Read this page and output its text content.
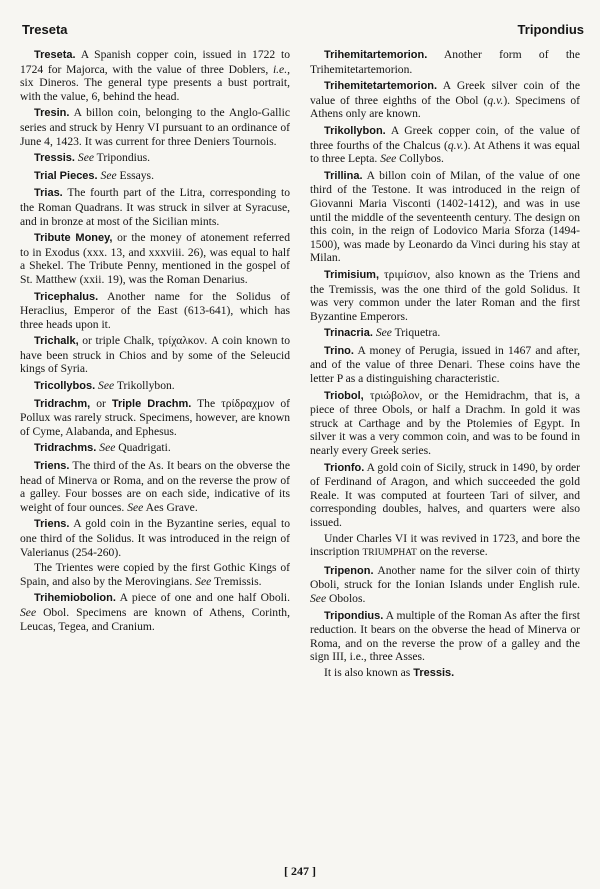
Treseta	Tripondius

Treseta. A Spanish copper coin, issued in 1722 to 1724 for Majorca, with the value of three Doblers, i.e., six Dineros. The general type presents a bust portrait, with the value, 6, behind the head.

Tresin. A billon coin, belonging to the Anglo-Gallic series and struck by Henry VI pursuant to an ordinance of June 4, 1423. It was current for three Deniers Tournois.

Tressis. See Tripondius.

Trial Pieces. See Essays.

Trias. The fourth part of the Litra, corresponding to the Roman Quadrans. It was struck in silver at Syracuse, and in bronze at most of the Sicilian mints.

Tribute Money, or the money of atonement referred to in Exodus (xxx. 13, and xxxviii. 26), was equal to half a Shekel. The Tribute Penny, mentioned in the gospel of St. Matthew (xxii. 19), was the Roman Denarius.

Tricephalus. Another name for the Solidus of Heraclius, Emperor of the East (613-641), which has three heads upon it.

Trichalk, or triple Chalk, τρίχαλκον. A coin known to have been struck in Chios and by some of the Seleucid kings of Syria.

Tricollybos. See Trikollybon.

Tridrachm, or Triple Drachm. The τρίδραχμον of Pollux was rarely struck. Specimens, however, are known of Cyme, Alabanda, and Ephesus.

Tridrachms. See Quadrigati.

Triens. The third of the As. It bears on the obverse the head of Minerva or Roma, and on the reverse the prow of a galley. Four bosses are on each side, indicative of its weight of four ounces. See Aes Grave.

Triens. A gold coin in the Byzantine series, equal to one third of the Solidus. It was introduced in the reign of Valerianus (254-260).

The Trientes were copied by the first Gothic Kings of Spain, and also by the Merovingians. See Tremissis.

Trihemiobolion. A piece of one and one half Oboli. See Obol. Specimens are known of Athens, Corinth, Leucas, Tegea, and Cranium.

Trihemitartemorion. Another form of the Trihemitetartemorion.

Trihemitetartemorion. A Greek silver coin of the value of three eighths of the Obol (q.v.). Specimens of Athens only are known.

Trikollybon. A Greek copper coin, of the value of three fourths of the Chalcus (q.v.). At Athens it was equal to three Lepta. See Collybos.

Trillina. A billon coin of Milan, of the value of one third of the Testone. It was introduced in the reign of Giovanni Maria Visconti (1402-1412), and was in use until the middle of the seventeenth century. The design on this coin, in the reign of Lodovico Maria Sforza (1494-1500), was made by Leonardo da Vinci during his stay at Milan.

Trimisium, τριμίσιον, also known as the Triens and the Tremissis, was the one third of the gold Solidus. It was very common under the later Roman and the first Byzantine Emperors.

Trinacria. See Triquetra.

Trino. A money of Perugia, issued in 1467 and after, and of the value of three Denari. These coins have the letter P as a distinguishing characteristic.

Triobol, τριώβολον, or the Hemidrachm, that is, a piece of three Obols, or half a Drachm. In gold it was struck at Carthage and by the Ptolemies of Egypt. In silver it was a very common coin, and was to be found in nearly every Greek series.

Trionfo. A gold coin of Sicily, struck in 1490, by order of Ferdinand of Aragon, and which succeeded the gold Reale. It was computed at fourteen Tari of silver, and corresponding doubles, halves, and quarters were also issued.

Under Charles VI it was revived in 1723, and bore the inscription TRIUMPHAT on the reverse.

Tripenon. Another name for the silver coin of thirty Oboli, struck for the Ionian Islands under English rule. See Obolos.

Tripondius. A multiple of the Roman As after the first reduction. It bears on the obverse the head of Minerva or Roma, and on the reverse the prow of a galley and the sign III, i.e., three Asses.

It is also known as Tressis.

[ 247 ]
